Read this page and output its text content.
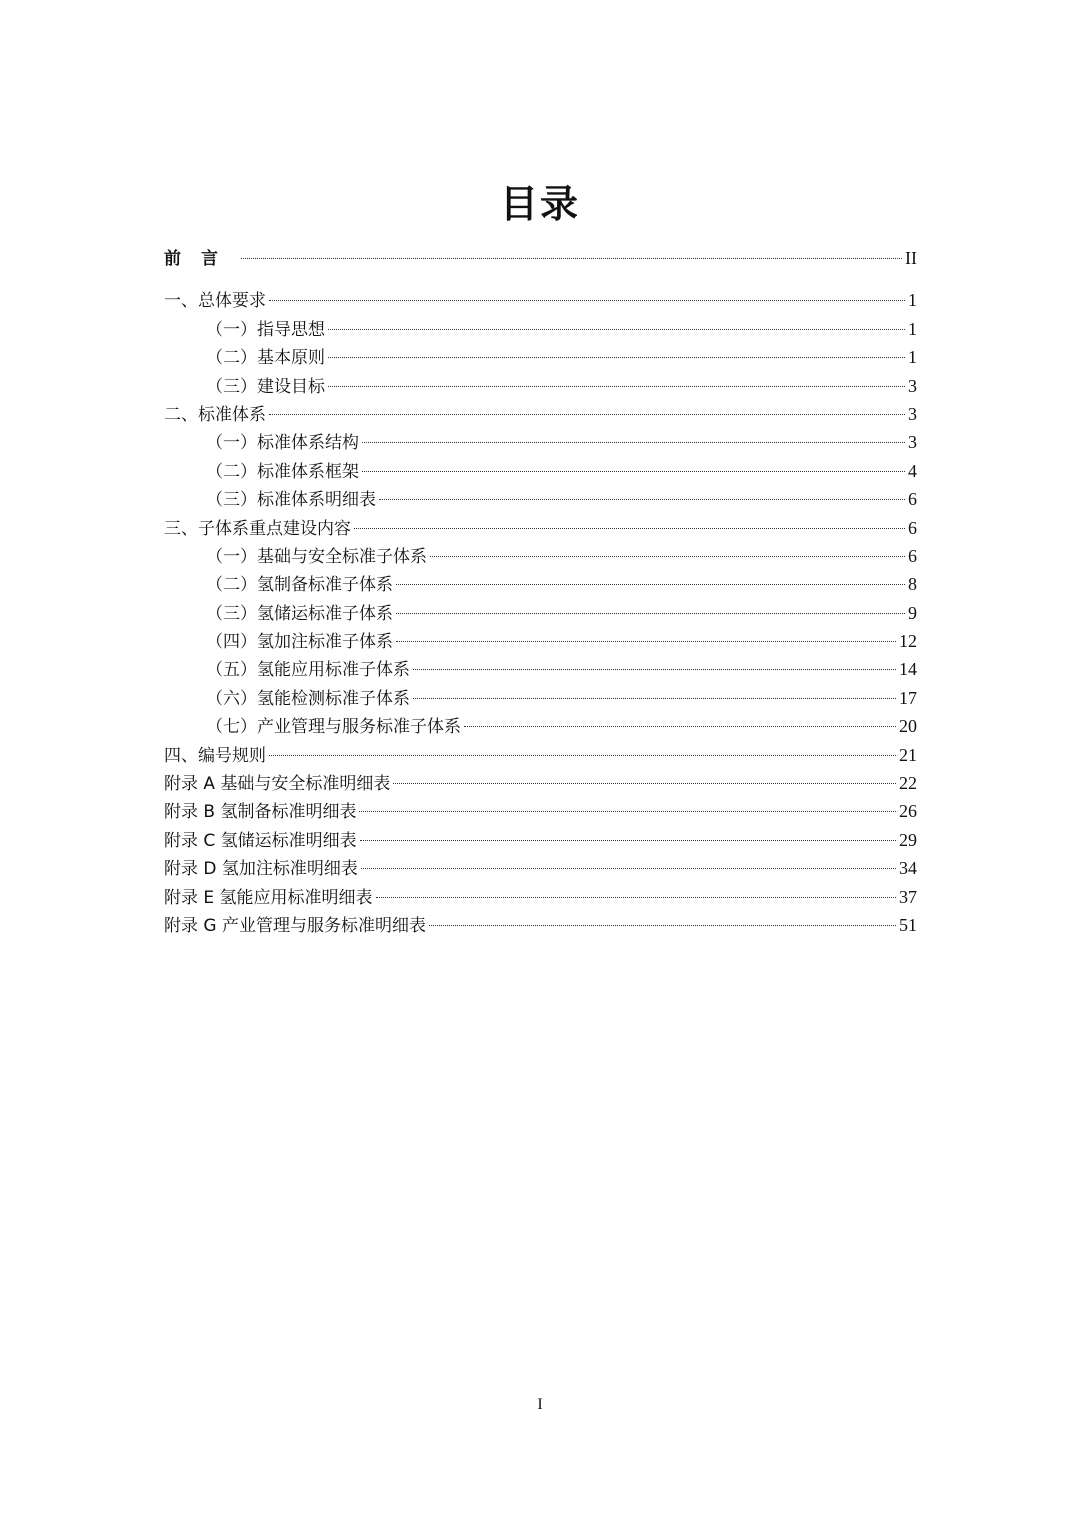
目录
前言	II
一、总体要求	1
（一）指导思想	1
（二）基本原则	1
（三）建设目标	3
二、标准体系	3
（一）标准体系结构	3
（二）标准体系框架	4
（三）标准体系明细表	6
三、子体系重点建设内容	6
（一）基础与安全标准子体系	6
（二）氢制备标准子体系	8
（三）氢储运标准子体系	9
（四）氢加注标准子体系	12
（五）氢能应用标准子体系	14
（六）氢能检测标准子体系	17
（七）产业管理与服务标准子体系	20
四、编号规则	21
附录 A 基础与安全标准明细表	22
附录 B 氢制备标准明细表	26
附录 C 氢储运标准明细表	29
附录 D 氢加注标准明细表	34
附录 E 氢能应用标准明细表	37
附录 G 产业管理与服务标准明细表	51
I
